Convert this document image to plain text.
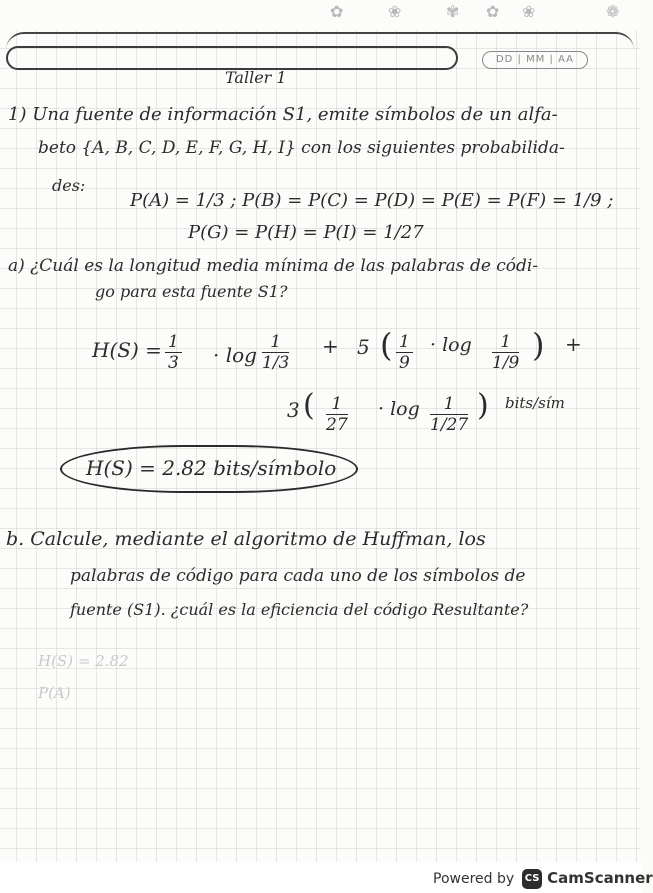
✿	❀	✾ ✿ ❀	❁
DD | MM | AA
Taller 1
1) Una fuente de información S1, emite símbolos de un alfa-
beto {A, B, C, D, E, F, G, H, I} con los siguientes probabilida-
des:
P(A) = 1/3 ; P(B) = P(C) = P(D) = P(E) = P(F) = 1/9 ;
P(G) = P(H) = P(I) = 1/27
a) ¿Cuál es la longitud media mínima de las palabras de códi-
go para esta fuente S1?
$H(S) = \frac{1}{3} \cdot \log \frac{1}{1/3} + 5$ ( $\frac{1}{9} \cdot \log \frac{1}{1/9}$ ) +
3 ( $\frac{1}{27} \cdot \log \frac{1}{1/27}$ ) bits/sím
H(S) = 2.82 bits/símbolo
b. Calcule, mediante el algoritmo de Huffman, los
palabras de código para cada uno de los símbolos de
fuente (S1). ¿cuál es la eficiencia del código Resultante?
H(S) = 2.82
P(A)
Powered by CS CamScanner
